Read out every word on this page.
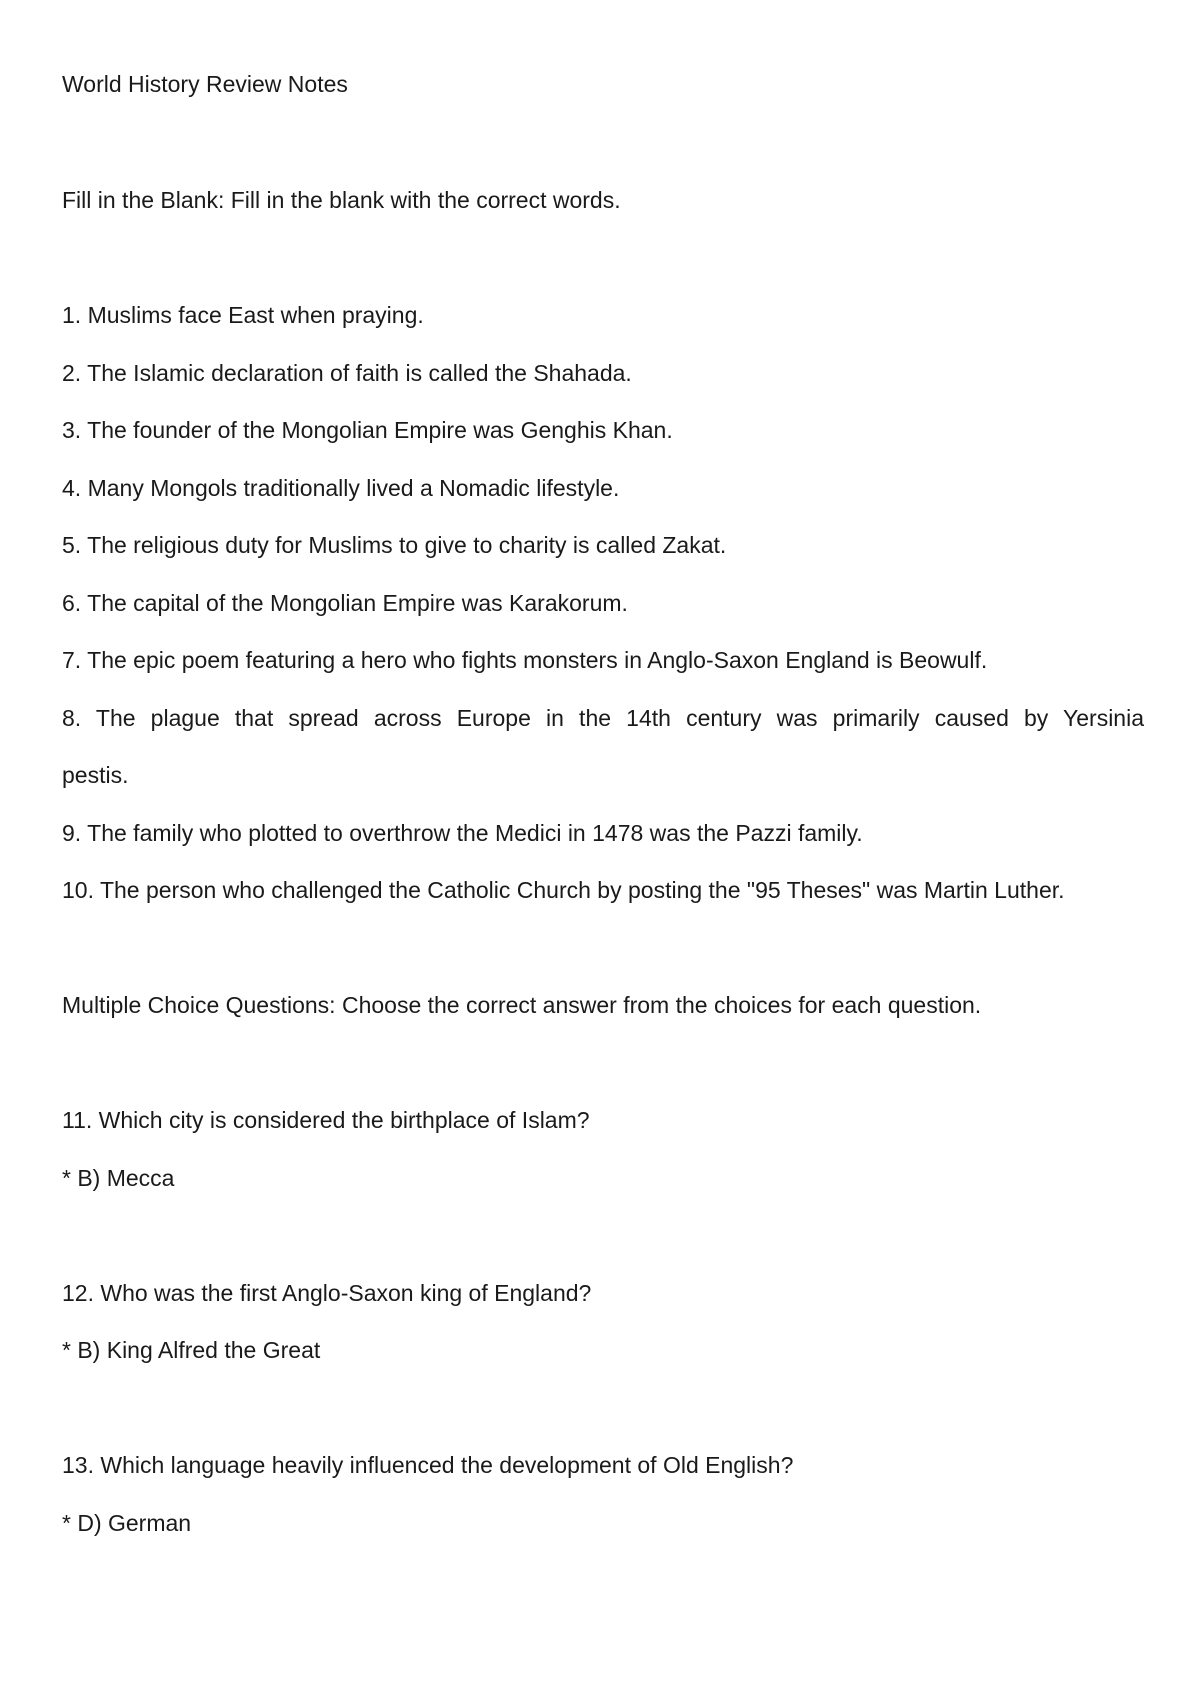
World History Review Notes

Fill in the Blank: Fill in the blank with the correct words.

1. Muslims face East when praying.

2. The Islamic declaration of faith is called the Shahada.

3. The founder of the Mongolian Empire was Genghis Khan.

4. Many Mongols traditionally lived a Nomadic lifestyle.

5. The religious duty for Muslims to give to charity is called Zakat.

6. The capital of the Mongolian Empire was Karakorum.

7. The epic poem featuring a hero who fights monsters in Anglo-Saxon England is Beowulf.

8. The plague that spread across Europe in the 14th century was primarily caused by Yersinia

pestis.

9. The family who plotted to overthrow the Medici in 1478 was the Pazzi family.

10. The person who challenged the Catholic Church by posting the "95 Theses" was Martin Luther.

Multiple Choice Questions: Choose the correct answer from the choices for each question.

11. Which city is considered the birthplace of Islam?

* B) Mecca

12. Who was the first Anglo-Saxon king of England?

* B) King Alfred the Great

13. Which language heavily influenced the development of Old English?

* D) German
